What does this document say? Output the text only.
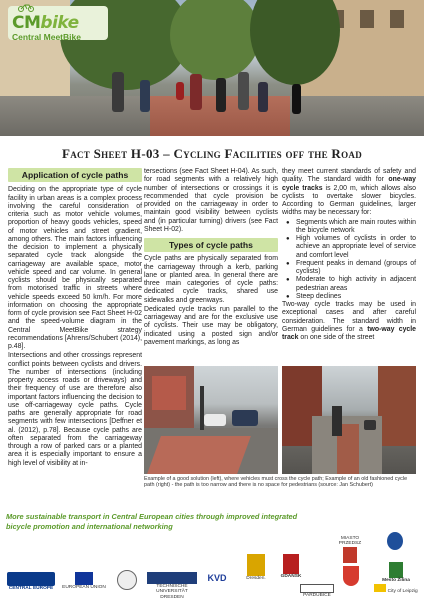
CMbike
Central MeetBike
Fact Sheet H-03 – Cycling Facilities off the Road
Application of cycle paths

Deciding on the appropriate type of cycle facility in urban areas is a complex process involving the careful consideration of criteria such as motor vehicle volumes, proportion of heavy goods vehicles, speed of motor vehicles and street gradient, among others. The main factors influencing the decision to implement a physically separated cycle track alongside the carriageway are available space, motor vehicle speed and car volume. In general cyclists should be physically separated from motorised traffic in streets where vehicle speeds exceed 50 km/h. For more information on choosing the appropriate form of cycle provision see Fact Sheet H-02 and the speed-volume diagram in the Central MeetBike strategy recommendations [Ahrens/Schubert (2014), p.48].

Intersections and other crossings represent conflict points between cyclists and drivers. The number of intersections (including property access roads or driveways) and their frequency of use are therefore also important factors influencing the decision to use off-carriageway cycle paths. Cycle paths are generally appropriate for road segments with few intersections [Deffner et al. (2012), p.78]. Because cycle paths are often separated from the carriageway through a row of parked cars or a planted area it is especially important to ensure a high level of visibility at in-

tersections (see Fact Sheet H-04). As such, for road segments with a relatively high number of intersections or crossings it is recommended that cycle provision be provided on the carriageway in order to maintain good visibility between cyclists and (in particular turning) drivers (see Fact Sheet H-02).

Types of cycle paths

Cycle paths are physically separated from the carriageway through a kerb, parking lane or planted area. In general there are three main categories of cycle paths: dedicated cycle tracks, shared use sidewalks and greenways.

Dedicated cycle tracks run parallel to the carriageway and are for the exclusive use of cyclists. Their use may be obligatory, indicated using a posted sign and/or pavement markings, as long as

they meet current standards of safety and quality. The standard width for one-way cycle tracks is 2,00 m, which allows also cyclists to overtake slower bicycles. According to German guidelines, larger widths may be necessary for:

● Segments which are main routes within the bicycle network
● High volumes of cyclists in order to achieve an appropriate level of service and comfort level
● Frequent peaks in demand (groups of cyclists)
● Moderate to high activity in adjacent pedestrian areas
● Steep declines

Two-way cycle tracks may be used in exceptional cases and after careful consideration. The standard width in German guidelines for a two-way cycle track on one side of the street

Example of a good solution (left), where vehicles must cross the cycle path; Example of an old fashioned cycle path (right) - the path is too narrow and there is no space for pedestrians (source: Jan Schubert)
More sustainable transport in Central European cities through improved integrated bicycle promotion and international networking
CENTRAL EUROPE	EUROPEAN UNION	TECHNISCHE UNIVERSITÄT DRESDEN
KVD	Dresden.	GDAŃSK
MIASTO PRZEDSZ
PARDUBICE
Mesto Žilina
City of Leipzig
